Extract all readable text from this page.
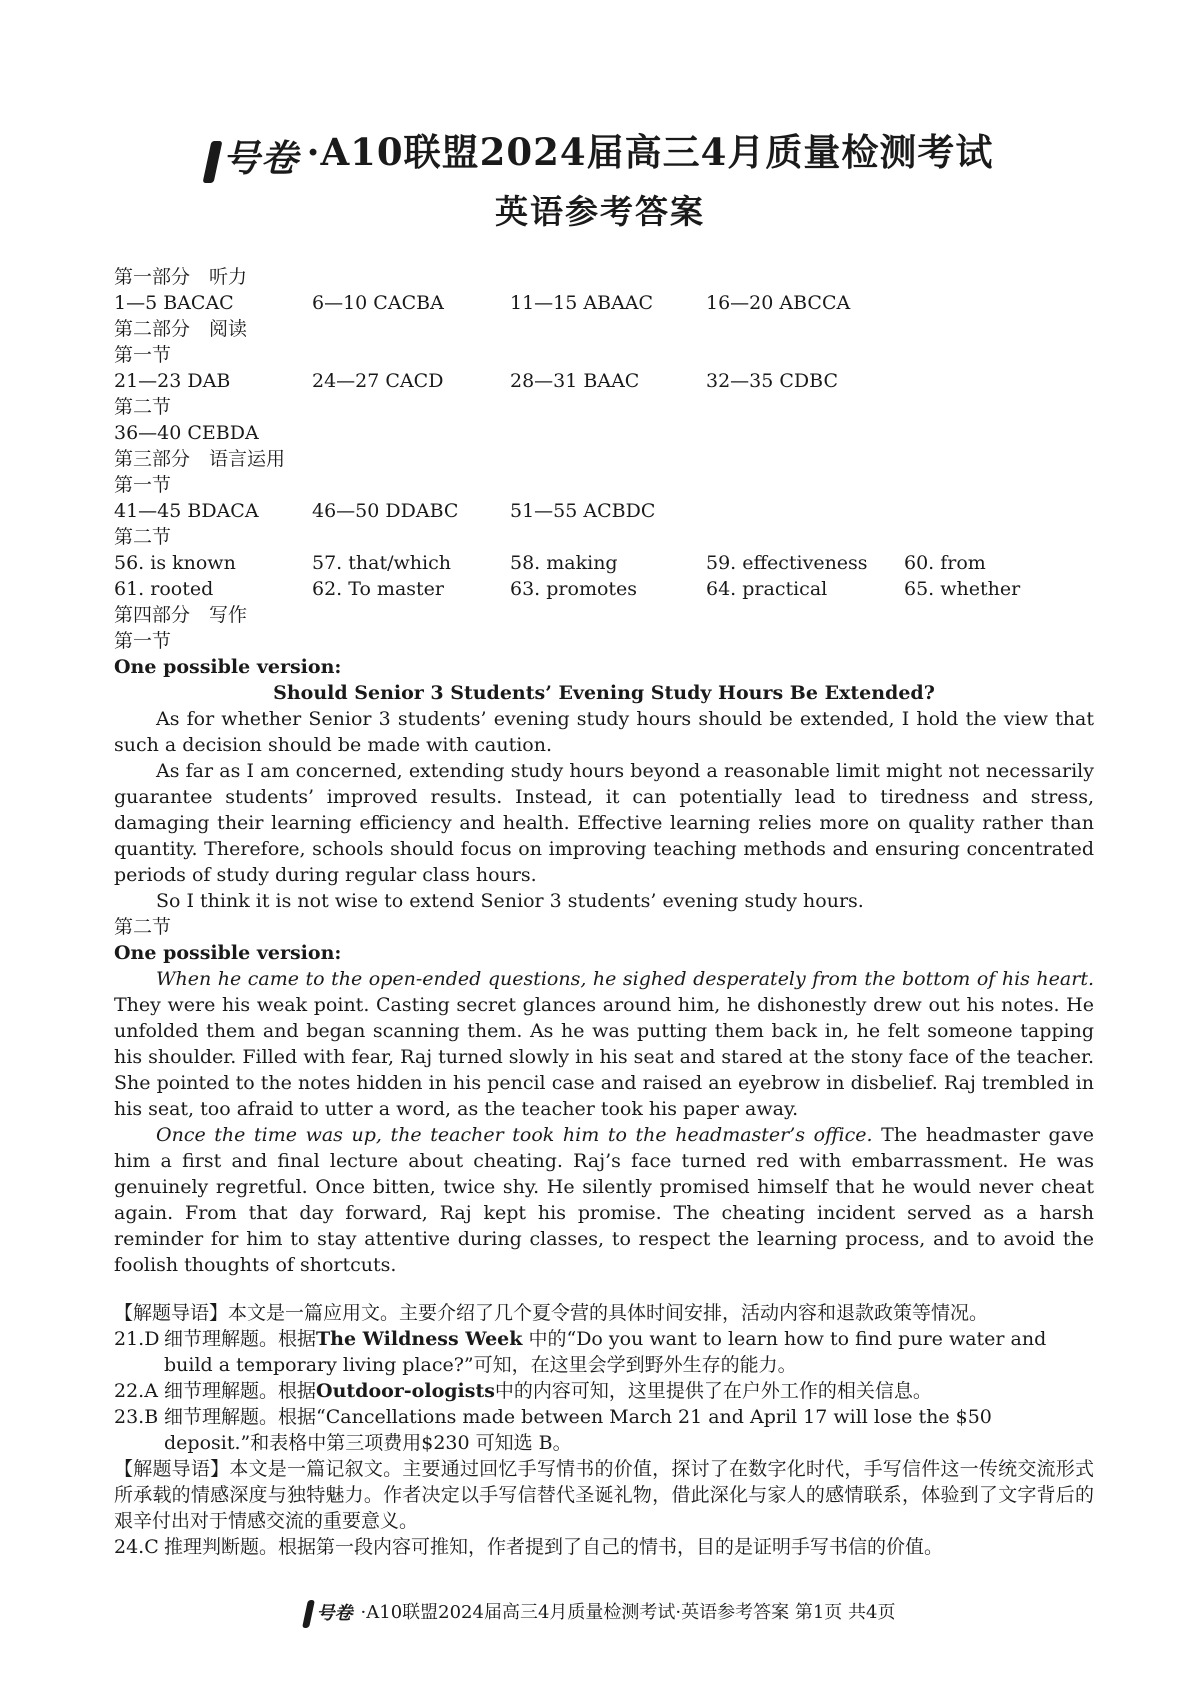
号卷 ·A10联盟2024届高三4月质量检测考试
英语参考答案
第一部分　听力
1—5 BACAC	6—10 CACBA	11—15 ABAAC	16—20 ABCCA
第二部分　阅读
第一节
21—23 DAB	24—27 CACD	28—31 BAAC	32—35 CDBC
第二节
36—40 CEBDA
第三部分　语言运用
第一节
41—45 BDACA	46—50 DDABC	51—55 ACBDC
第二节
56. is known	57. that/which	58. making	59. effectiveness 60. from
61. rooted	62. To master	63. promotes	64. practical	65. whether
第四部分　写作
第一节
One possible version:
Should Senior 3 Students’ Evening Study Hours Be Extended?

As for whether Senior 3 students’ evening study hours should be extended, I hold the view that such a decision should be made with caution.

As far as I am concerned, extending study hours beyond a reasonable limit might not necessarily guarantee students’ improved results. Instead, it can potentially lead to tiredness and stress, damaging their learning efficiency and health. Effective learning relies more on quality rather than quantity. Therefore, schools should focus on improving teaching methods and ensuring concentrated periods of study during regular class hours.

So I think it is not wise to extend Senior 3 students’ evening study hours.

第二节
One possible version:

When he came to the open-ended questions, he sighed desperately from the bottom of his heart. They were his weak point. Casting secret glances around him, he dishonestly drew out his notes. He unfolded them and began scanning them. As he was putting them back in, he felt someone tapping his shoulder. Filled with fear, Raj turned slowly in his seat and stared at the stony face of the teacher. She pointed to the notes hidden in his pencil case and raised an eyebrow in disbelief. Raj trembled in his seat, too afraid to utter a word, as the teacher took his paper away.

Once the time was up, the teacher took him to the headmaster’s office. The headmaster gave him a first and final lecture about cheating. Raj’s face turned red with embarrassment. He was genuinely regretful. Once bitten, twice shy. He silently promised himself that he would never cheat again. From that day forward, Raj kept his promise. The cheating incident served as a harsh reminder for him to stay attentive during classes, to respect the learning process, and to avoid the foolish thoughts of shortcuts.

【解题导语】本文是一篇应用文。主要介绍了几个夏令营的具体时间安排，活动内容和退款政策等情况。

21.D 细节理解题。根据The Wildness Week 中的“Do you want to learn how to find pure water and build a temporary living place?”可知，在这里会学到野外生存的能力。
22.A 细节理解题。根据Outdoor-ologists中的内容可知，这里提供了在户外工作的相关信息。
23.B 细节理解题。根据“Cancellations made between March 21 and April 17 will lose the $50 deposit.”和表格中第三项费用$230 可知选 B。

【解题导语】本文是一篇记叙文。主要通过回忆手写情书的价值，探讨了在数字化时代，手写信件这一传统交流形式所承载的情感深度与独特魅力。作者决定以手写信替代圣诞礼物，借此深化与家人的感情联系，体验到了文字背后的艰辛付出对于情感交流的重要意义。

24.C 推理判断题。根据第一段内容可推知，作者提到了自己的情书，目的是证明手写书信的价值。
号卷 ·A10联盟2024届高三4月质量检测考试·英语参考答案 第1页 共4页
